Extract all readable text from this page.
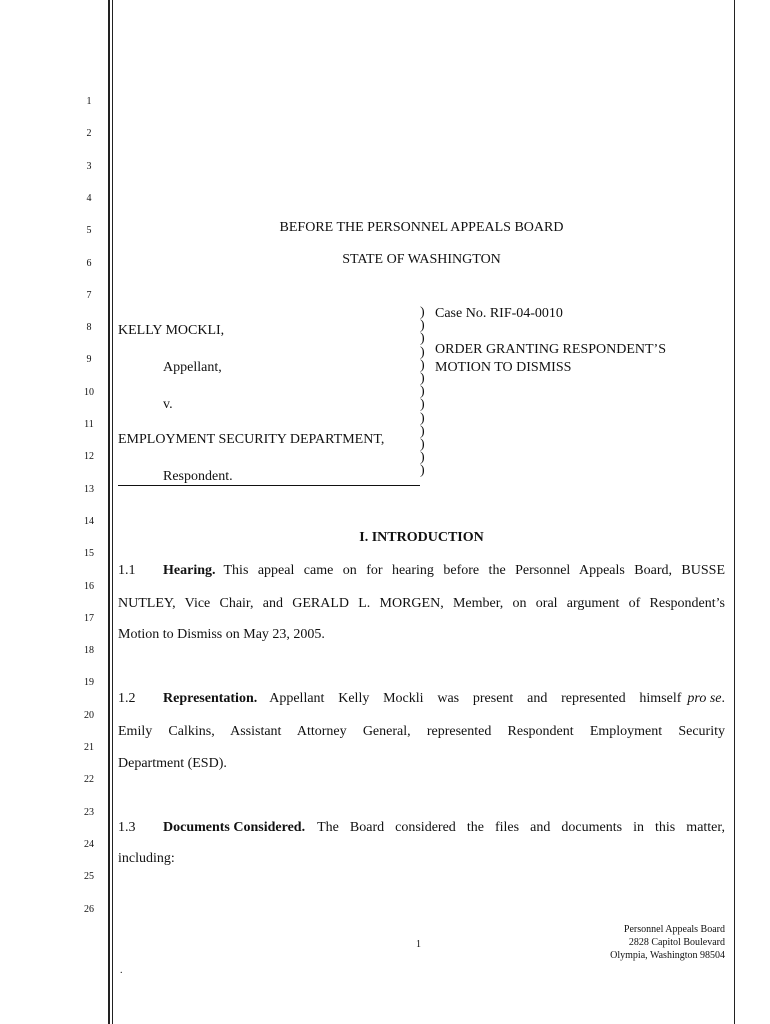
1
2
3
4
5
6
7
8
9
10
11
12
13
14
15
16
17
18
19
20
21
22
23
24
25
26
BEFORE THE PERSONNEL APPEALS BOARD
STATE OF WASHINGTON
KELLY MOCKLI,
Appellant,
v.
EMPLOYMENT SECURITY DEPARTMENT,
Respondent.
)
)
)
)
)
)
)
)
)
)
)
)
)
Case No. RIF-04-0010
ORDER GRANTING RESPONDENT’S
MOTION TO DISMISS
I. INTRODUCTION
1.1	Hearing. This appeal came on for hearing before the Personnel Appeals Board, BUSSE
NUTLEY, Vice Chair, and GERALD L. MORGEN, Member, on oral argument of Respondent’s
Motion to Dismiss on May 23, 2005.
1.2	Representation. Appellant Kelly Mockli was present and represented himself pro se .
Emily Calkins, Assistant Attorney General, represented Respondent Employment Security
Department (ESD).
1.3	Documents Considered. The Board considered the files and documents in this matter,
including:
1
Personnel Appeals Board
2828 Capitol Boulevard
Olympia, Washington 98504
.
